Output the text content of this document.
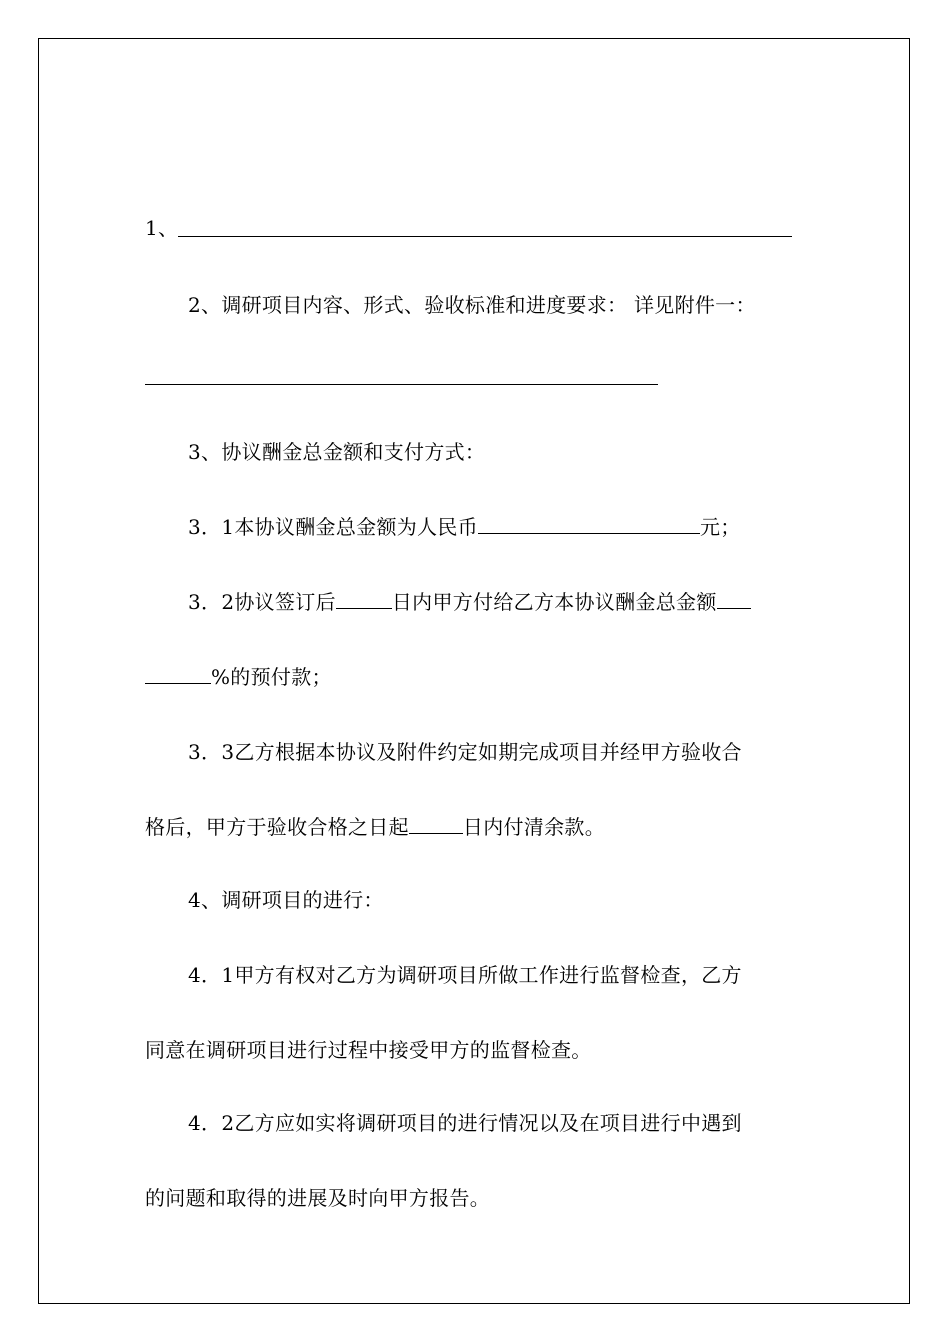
1、
2、调研项目内容、形式、验收标准和进度要求： 详见附件一：
3、协议酬金总金额和支付方式：
3．1本协议酬金总金额为人民币	元；
3．2协议签订后	日内甲方付给乙方本协议酬金总金额
%的预付款；
3．3乙方根据本协议及附件约定如期完成项目并经甲方验收合
格后，甲方于验收合格之日起	日内付清余款。
4、调研项目的进行：
4．1甲方有权对乙方为调研项目所做工作进行监督检查，乙方
同意在调研项目进行过程中接受甲方的监督检查。
4．2乙方应如实将调研项目的进行情况以及在项目进行中遇到
的问题和取得的进展及时向甲方报告。
